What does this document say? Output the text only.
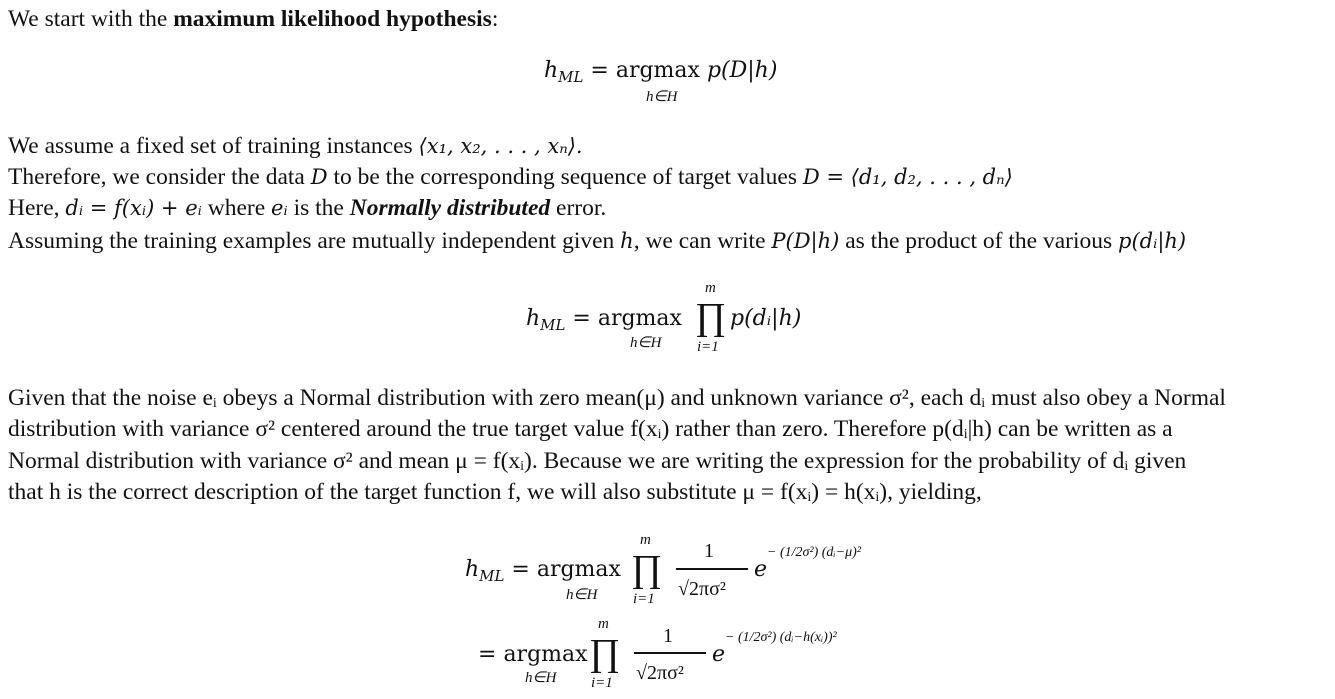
We start with the maximum likelihood hypothesis:
$h_{ML} = argmax$ p(D|h)
h∈H
We assume a fixed set of training instances ⟨x₁, x₂, . . . , xₙ⟩.
Therefore, we consider the data D to be the corresponding sequence of target values D = ⟨d₁, d₂, . . . , dₙ⟩
Here, dᵢ = f(xᵢ) + eᵢ where eᵢ is the Normally distributed error.
Assuming the training examples are mutually independent given h, we can write P(D|h) as the product of the various p(dᵢ|h)
$h_{ML} = argmax$
h∈H
m
∏
i=1
p(dᵢ|h)
Given that the noise eᵢ obeys a Normal distribution with zero mean(μ) and unknown variance σ², each dᵢ must also obey a Normal
distribution with variance σ² centered around the true target value f(xᵢ) rather than zero. Therefore p(dᵢ|h) can be written as a
Normal distribution with variance σ² and mean μ = f(xᵢ). Because we are writing the expression for the probability of dᵢ given
that h is the correct description of the target function f, we will also substitute μ = f(xᵢ) = h(xᵢ), yielding,
$h_{ML} = argmax$
h∈H
m
∏
i=1
1
√2πσ²
e
− (1/2σ²) (dᵢ−μ)²
= argmax
h∈H
m
∏
i=1
1
√2πσ²
e
− (1/2σ²) (dᵢ−h(xᵢ))²
